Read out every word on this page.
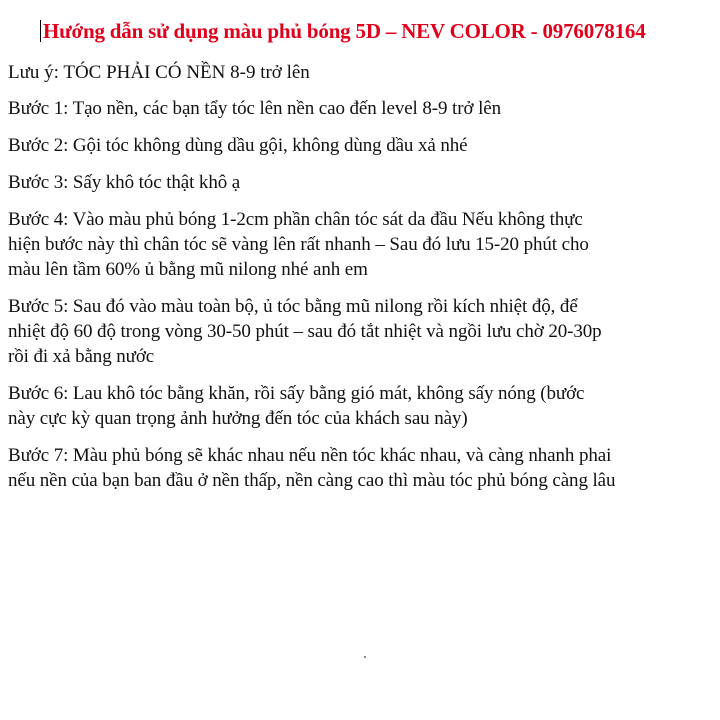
Hướng dẫn sử dụng màu phủ bóng 5D – NEV COLOR - 0976078164
Lưu ý: TÓC PHẢI CÓ NỀN 8-9 trở lên

Bước 1: Tạo nền, các bạn tẩy tóc lên nền cao đến level 8-9 trở lên

Bước 2: Gội tóc không dùng dầu gội, không dùng dầu xả nhé

Bước 3: Sấy khô tóc thật khô ạ

Bước 4: Vào màu phủ bóng 1-2cm phần chân tóc sát da đầu Nếu không thực
hiện bước này thì chân tóc sẽ vàng lên rất nhanh – Sau đó lưu 15-20 phút cho
màu lên tầm 60% ủ bằng mũ nilong nhé anh em

Bước 5: Sau đó vào màu toàn bộ, ủ tóc bằng mũ nilong rồi kích nhiệt độ, để
nhiệt độ 60 độ trong vòng 30-50 phút – sau đó tắt nhiệt và ngồi lưu chờ 20-30p
rồi đi xả bằng nước

Bước 6: Lau khô tóc bằng khăn, rồi sấy bằng gió mát, không sấy nóng (bước
này cực kỳ quan trọng ảnh hưởng đến tóc của khách sau này)

Bước 7: Màu phủ bóng sẽ khác nhau nếu nền tóc khác nhau, và càng nhanh phai
nếu nền của bạn ban đầu ở nền thấp, nền càng cao thì màu tóc phủ bóng càng lâu
